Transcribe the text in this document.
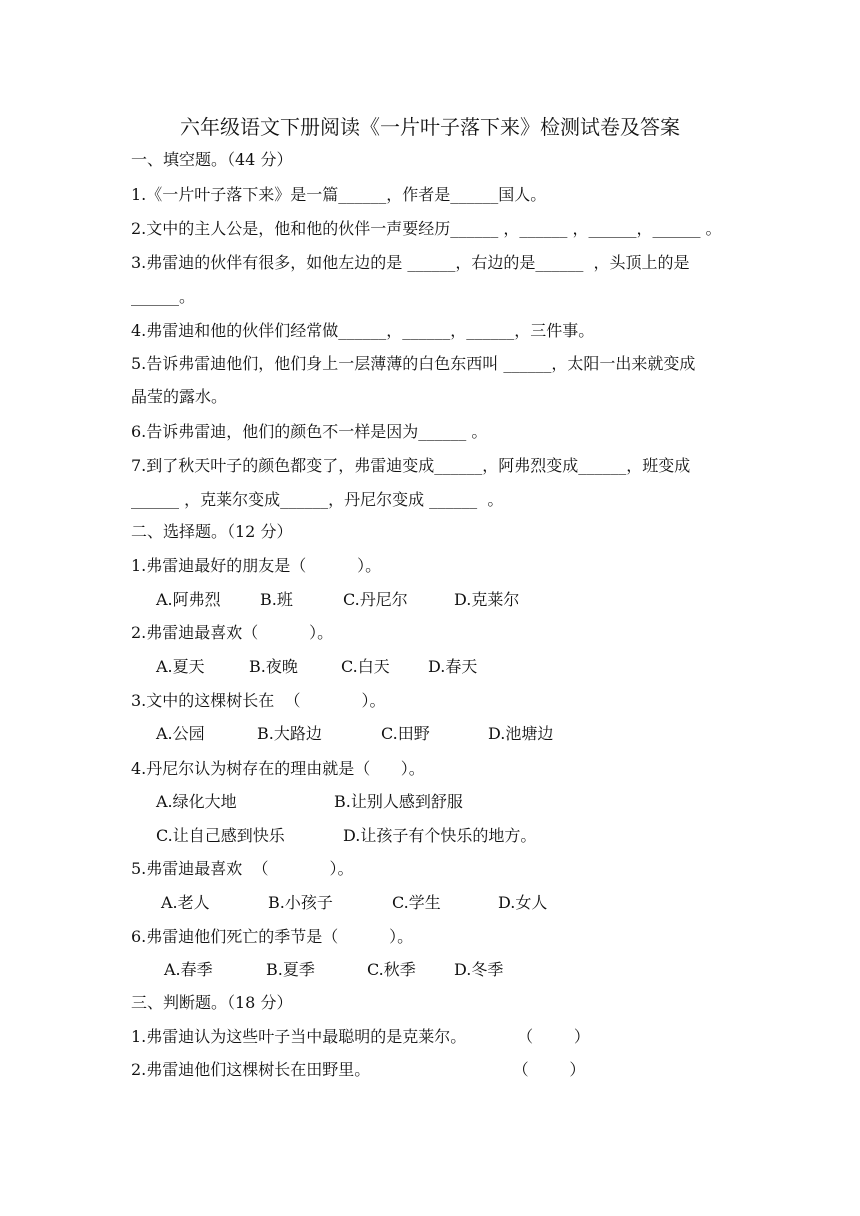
六年级语文下册阅读《一片叶子落下来》检测试卷及答案
一、填空题。（44 分）
1.《一片叶子落下来》是一篇______，作者是______国人。
2.文中的主人公是，他和他的伙伴一声要经历______ ，______ ，______，______ 。
3.弗雷迪的伙伴有很多，如他左边的是 ______，右边的是______  ，头顶上的是
______。
4.弗雷迪和他的伙伴们经常做______，______，______，三件事。
5.告诉弗雷迪他们，他们身上一层薄薄的白色东西叫 ______，太阳一出来就变成
晶莹的露水。
6.告诉弗雷迪，他们的颜色不一样是因为______ 。
7.到了秋天叶子的颜色都变了，弗雷迪变成______，阿弗烈变成______，班变成
______ ，克莱尔变成______，丹尼尔变成 ______  。
二、选择题。（12 分）
1.弗雷迪最好的朋友是（          ）。
A.阿弗烈 B.班	C.丹尼尔	D.克莱尔
2.弗雷迪最喜欢（          ）。
A.夏天	B.夜晚	C.白天 D.春天
3.文中的这棵树长在  （            ）。
A.公园	B.大路边	C.田野	D.池塘边
4.丹尼尔认为树存在的理由就是（      ）。
A.绿化大地	B.让别人感到舒服
C.让自己感到快乐	D.让孩子有个快乐的地方。
5.弗雷迪最喜欢  （            ）。
A.老人	B.小孩子	C.学生	D.女人
6.弗雷迪他们死亡的季节是（          ）。
A.春季	B.夏季	C.秋季 D.冬季
三、判断题。（18 分）
1.弗雷迪认为这些叶子当中最聪明的是克莱尔。          （        ）
2.弗雷迪他们这棵树长在田野里。                            （        ）
